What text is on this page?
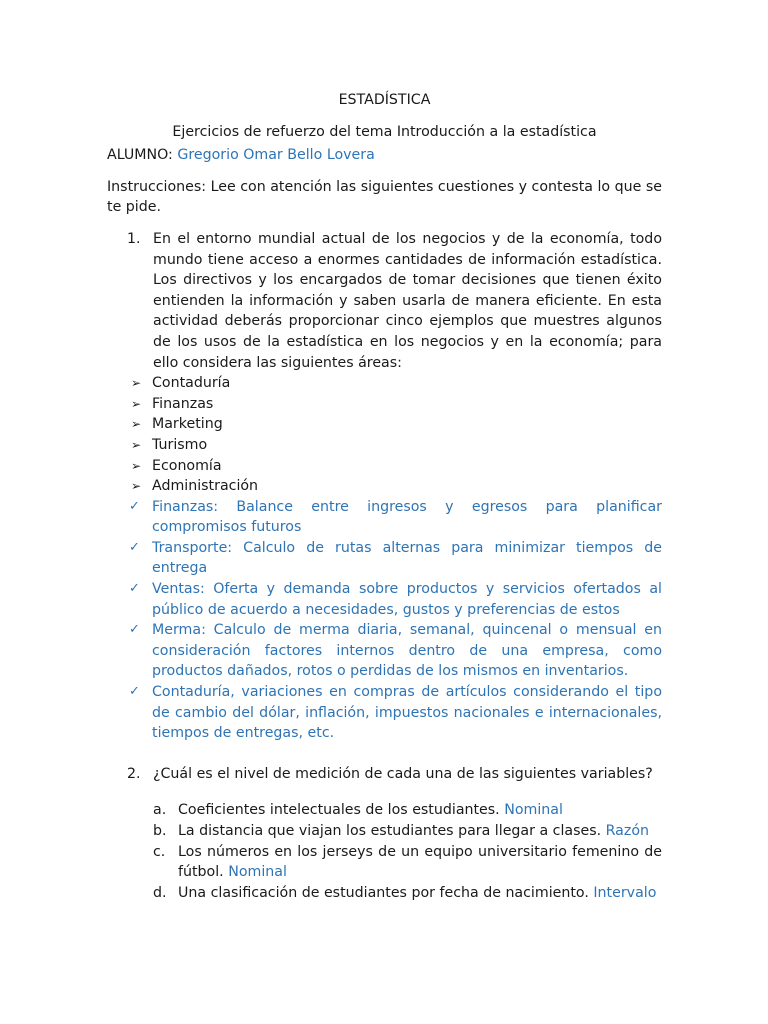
ESTADÍSTICA
Ejercicios de refuerzo del tema Introducción a la estadística
ALUMNO: Gregorio Omar Bello Lovera
Instrucciones: Lee con atención las siguientes cuestiones y contesta lo que se te pide.
1. En el entorno mundial actual de los negocios y de la economía, todo mundo tiene acceso a enormes cantidades de información estadística. Los directivos y los encargados de tomar decisiones que tienen éxito entienden la información y saben usarla de manera eficiente. En esta actividad deberás proporcionar cinco ejemplos que muestres algunos de los usos de la estadística en los negocios y en la economía; para ello considera las siguientes áreas:
➢ Contaduría
➢ Finanzas
➢ Marketing
➢ Turismo
➢ Economía
➢ Administración
✓ Finanzas: Balance entre ingresos y egresos para planificar compromisos futuros
✓ Transporte: Calculo de rutas alternas para minimizar tiempos de entrega
✓ Ventas: Oferta y demanda sobre productos y servicios ofertados al público de acuerdo a necesidades, gustos y preferencias de estos
✓ Merma: Calculo de merma diaria, semanal, quincenal o mensual en consideración factores internos dentro de una empresa, como productos dañados, rotos o perdidas de los mismos en inventarios.
✓ Contaduría, variaciones en compras de artículos considerando el tipo de cambio del dólar, inflación, impuestos nacionales e internacionales, tiempos de entregas, etc.
2. ¿Cuál es el nivel de medición de cada una de las siguientes variables?
a. Coeficientes intelectuales de los estudiantes. Nominal
b. La distancia que viajan los estudiantes para llegar a clases. Razón
c. Los números en los jerseys de un equipo universitario femenino de fútbol. Nominal
d. Una clasificación de estudiantes por fecha de nacimiento. Intervalo
